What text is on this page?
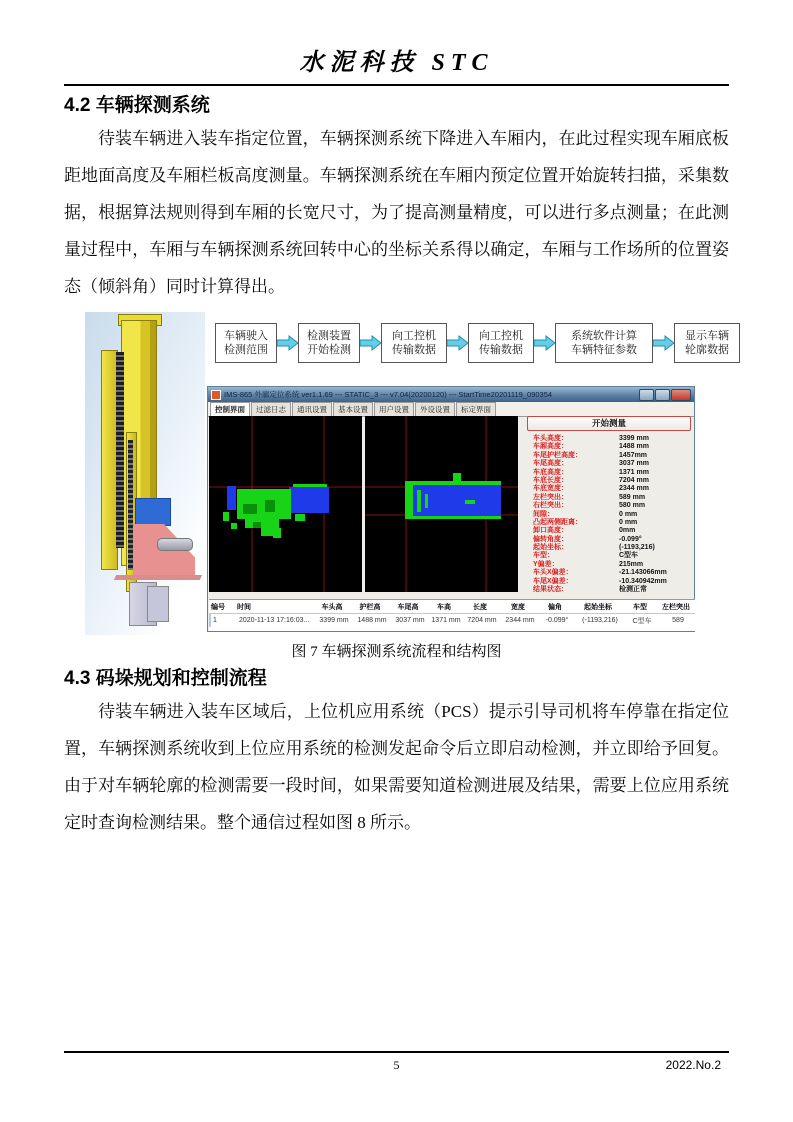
水泥科技 STC
4.2 车辆探测系统
待装车辆进入装车指定位置，车辆探测系统下降进入车厢内，在此过程实现车厢底板距地面高度及车厢栏板高度测量。车辆探测系统在车厢内预定位置开始旋转扫描，采集数据，根据算法规则得到车厢的长宽尺寸，为了提高测量精度，可以进行多点测量；在此测量过程中，车厢与车辆探测系统回转中心的坐标关系得以确定，车厢与工作场所的位置姿态（倾斜角）同时计算得出。
车辆驶入
检测范围
检测装置
开始检测
向工控机
传输数据
向工控机
传输数据
系统软件计算
车辆特征参数
显示车辆
轮廓数据
IMS-865 外廓定位系统 ver1.1.69 --- STATIC_3 --- v7.04(20200120) --- StartTime20201119_090354
控制界面	过滤日志	通讯设置	基本设置	用户设置	外设设置	标定界面
开始测量
车头高度：	3399 mm
车厢高度：	1488 mm
车尾护栏高度：	1457mm
车尾高度：	3037 mm
车底高度：	1371 mm
车底长度：	7204 mm
车底宽度：	2344 mm
左栏突出：	589 mm
右栏突出：	580 mm
间隙：	0 mm
凸起两侧距离：	0 mm
卸口高度：	0mm
偏转角度：	-0.099°
起始坐标：	(-1193,216)
车型：	C型车
Y偏差：	215mm
车头X偏差：	-21.143066mm
车尾X偏差：	-10.340942mm
结果状态：	检测正常
编号	时间	车头高	护栏高	车尾高	车高	长度	宽度	偏角	起始坐标	车型	左栏突出
1	2020-11-13 17:16:03...	3399 mm	1488 mm	3037 mm 1371 mm 7204 mm	2344 mm	-0.099°	(-1193,216)	C型车	589
图 7 车辆探测系统流程和结构图
4.3 码垛规划和控制流程
待装车辆进入装车区域后，上位机应用系统（PCS）提示引导司机将车停靠在指定位置，车辆探测系统收到上位应用系统的检测发起命令后立即启动检测，并立即给予回复。由于对车辆轮廓的检测需要一段时间，如果需要知道检测进展及结果，需要上位应用系统定时查询检测结果。整个通信过程如图 8 所示。
5	2022.No.2
